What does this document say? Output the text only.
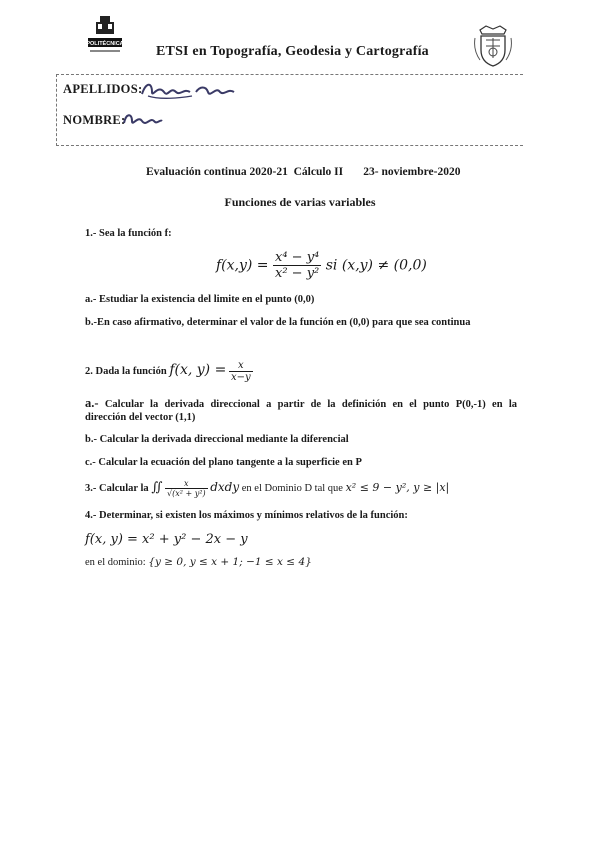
POLITÉCNICA ETSI en Topografía, Geodesia y Cartografía
APELLIDOS:
NOMBRE:
Evaluación continua 2020-21  Cálculo II       23- noviembre-2020
Funciones de varias variables
1.- Sea la función f:
$f(x,y) = \frac{\text{x⁴ − y⁴}}{\text{x² − y²}}$ si (x,y) ≠ (0,0)
a.- Estudiar la existencia del limite en el punto (0,0)
b.-En caso afirmativo, determinar el valor de la función en (0,0) para que sea continua
2. Dada la función f(x, $y) = \frac{x}{x-y}$
a.- Calcular la derivada direccional a partir de la definición en el punto P(0,-1) en la
dirección del vector (1,1)
b.- Calcular la derivada direccional mediante la diferencial
c.- Calcular la ecuación del plano tangente a la superficie en P
3.- Calcular la ∬ $\frac{x}{\text{√(x² + y²)}}$ dxdy en el Dominio D tal que x² ≤ 9 − y², y ≥ |x|
4.- Determinar, si existen los máximos y mínimos relativos de la función:
f(x, y) = x² + y² − 2x − y
en el dominio: {y ≥ 0, y ≤ x + 1; −1 ≤ x ≤ 4}
